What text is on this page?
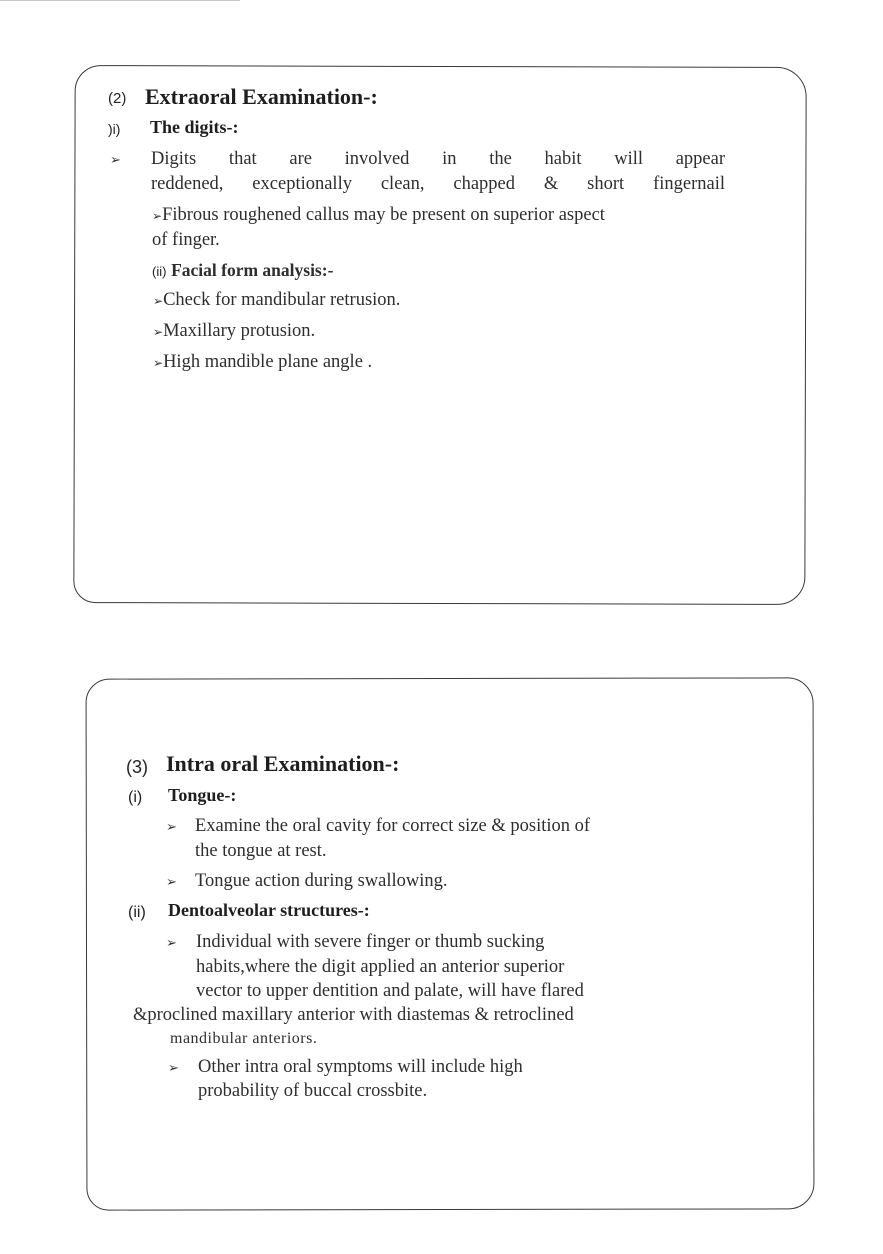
(2) Extraoral Examination-:
)i) The digits-:
➢ Digits that are involved in the habit will appear
reddened, exceptionally clean, chapped & short fingernail
➢Fibrous roughened callus may be present on superior aspect
of finger.
(ii) Facial form analysis:-
➢Check for mandibular retrusion.
➢Maxillary protusion.
➢High mandible plane angle .
(3) Intra oral Examination-:
(i) Tongue-:
➢ Examine the oral cavity for correct size & position of
the tongue at rest.
➢ Tongue action during swallowing.
(ii) Dentoalveolar structures-:
➢ Individual with severe finger or thumb sucking
habits,where the digit applied an anterior superior
vector to upper dentition and palate, will have flared
&proclined maxillary anterior with diastemas & retroclined
mandibular anteriors.
➢ Other intra oral symptoms will include high
probability of buccal crossbite.
